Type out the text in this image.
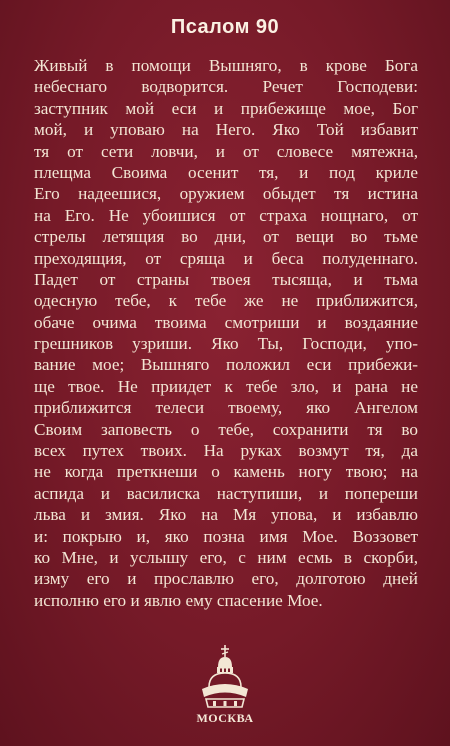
Псалом 90
Живый в помощи Вышняго, в крове Бога
небеснаго водворится. Речет Господеви:
заступник мой еси и прибежище мое, Бог
мой, и уповаю на Него. Яко Той избавит
тя от сети ловчи, и от словесе мятежна,
плещма Своима осенит тя, и под криле
Его надеешися, оружием обыдет тя истина
на Его. Не убоишися от страха нощнаго, от
стрелы летящия во дни, от вещи во тьме
преходящия, от сряща и беса полуденнаго.
Падет от страны твоея тысяща, и тьма
одесную тебе, к тебе же не приближится,
обаче очима твоима смотриши и воздаяние
грешников узриши. Яко Ты, Господи, упо-
вание мое; Вышняго положил еси прибежи-
ще твое. Не приидет к тебе зло, и рана не
приближится телеси твоему, яко Ангелом
Своим заповесть о тебе, сохранити тя во
всех путех твоих. На руках возмут тя, да
не когда преткнеши о камень ногу твою; на
аспида и василиска наступиши, и попереши
льва и змия. Яко на Мя упова, и избавлю
и: покрыю и, яко позна имя Мое. Воззовет
ко Мне, и услышу его, с ним есмь в скорби,
изму его и прославлю его, долготою дней
исполню его и явлю ему спасение Мое.
МОСКВА
